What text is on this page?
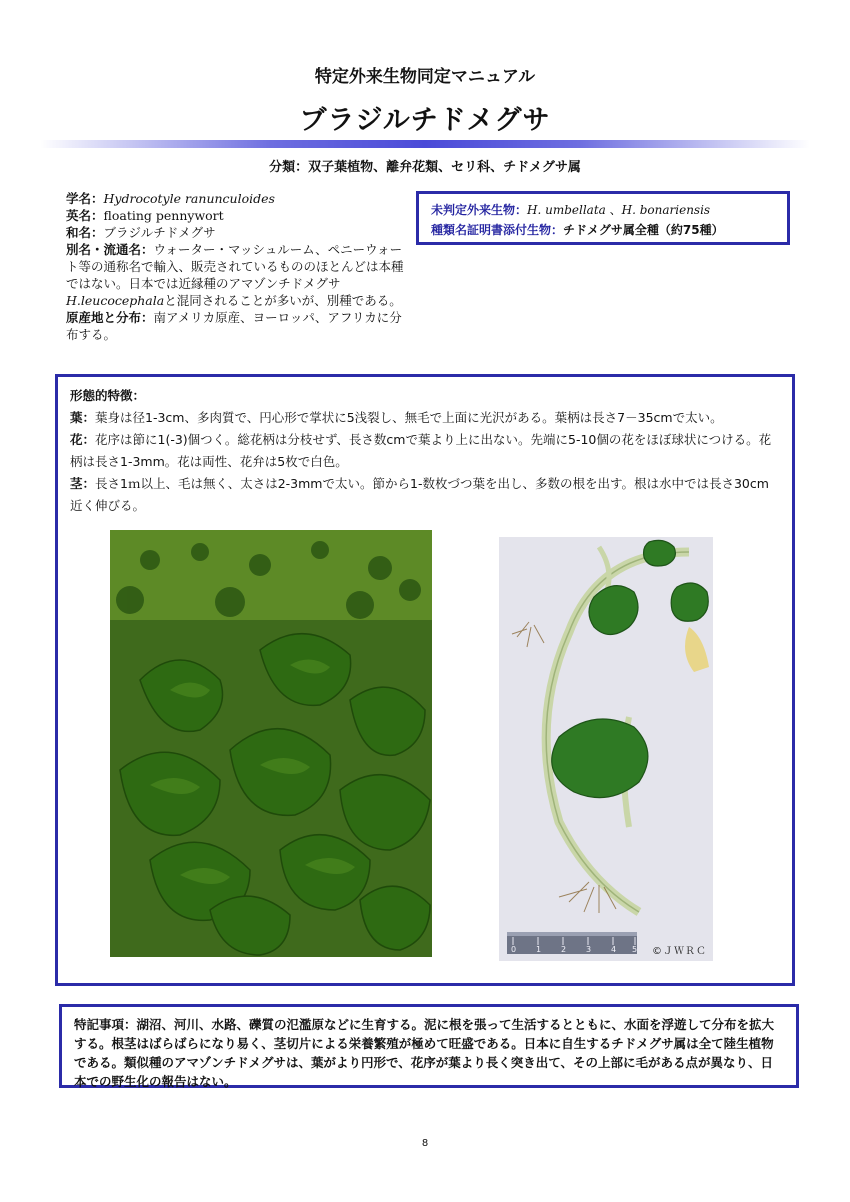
特定外来生物同定マニュアル
ブラジルチドメグサ
分類：双子葉植物、離弁花類、セリ科、チドメグサ属
学名：Hydrocotyle ranunculoides
英名：floating pennywort
和名：ブラジルチドメグサ
別名・流通名：ウォーター・マッシュルーム、ペニーウォート等の通称名で輸入、販売されているもののほとんどは本種ではない。日本では近縁種のアマゾンチドメグサ H.leucocephalaと混同されることが多いが、別種である。
原産地と分布：南アメリカ原産、ヨーロッパ、アフリカに分布する。
未判定外来生物：H. umbellata 、H. bonariensis
種類名証明書添付生物：チドメグサ属全種（約75種）
形態的特徴：
葉：葉身は径1-3cm、多肉質で、円心形で掌状に5浅裂し、無毛で上面に光沢がある。葉柄は長さ7－35cmで太い。
花：花序は節に1(-3)個つく。総花柄は分枝せず、長さ数cmで葉より上に出ない。先端に5-10個の花をほぼ球状につける。花柄は長さ1-3mm。花は両性、花弁は5枚で白色。
茎：長さ1ｍ以上、毛は無く、太さは2-3mmで太い。節から1-数枚づつ葉を出し、多数の根を出す。根は水中では長さ30cm近く伸びる。
0 1 2 3 4 5 ©ＪＷＲＣ
特記事項：湖沼、河川、水路、礫質の氾濫原などに生育する。泥に根を張って生活するとともに、水面を浮遊して分布を拡大する。根茎はばらばらになり易く、茎切片による栄養繁殖が極めて旺盛である。日本に自生するチドメグサ属は全て陸生植物である。類似種のアマゾンチドメグサは、葉がより円形で、花序が葉より長く突き出て、その上部に毛がある点が異なり、日本での野生化の報告はない。
8
